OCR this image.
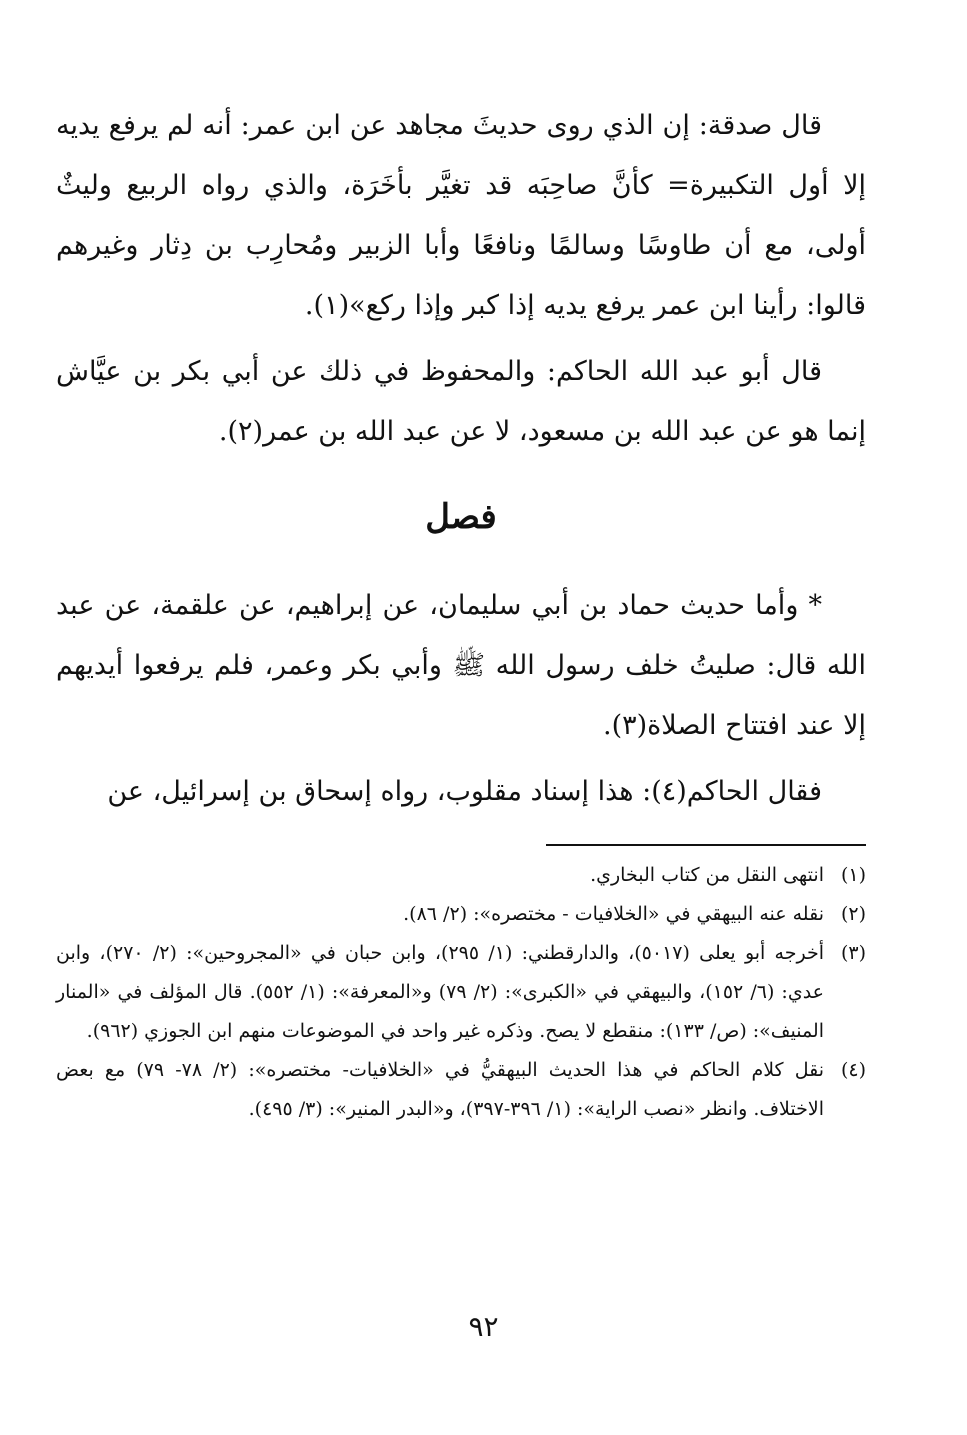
قال صدقة: إن الذي روى حديثَ مجاهد عن ابن عمر: أنه لم يرفع يديه إلا أول التكبيرة= كأنَّ صاحِبَه قد تغيَّر بأخَرَة، والذي رواه الربيع وليثٌ أولى، مع أن طاوسًا وسالمًا ونافعًا وأبا الزبير ومُحارِب بن دِثار وغيرهم قالوا: رأينا ابن عمر يرفع يديه إذا كبر وإذا ركع»(١).

قال أبو عبد الله الحاكم: والمحفوظ في ذلك عن أبي بكر بن عيَّاش إنما هو عن عبد الله بن مسعود، لا عن عبد الله بن عمر(٢).

فصل

* وأما حديث حماد بن أبي سليمان، عن إبراهيم، عن علقمة، عن عبد الله قال: صليتُ خلف رسول الله ﷺ وأبي بكر وعمر، فلم يرفعوا أيديهم إلا عند افتتاح الصلاة(٣).

فقال الحاكم(٤): هذا إسناد مقلوب، رواه إسحاق بن إسرائيل، عن

(١)
انتهى النقل من كتاب البخاري.

(٢)
نقله عنه البيهقي في «الخلافيات - مختصره»: (٢/ ٨٦).

(٣)
أخرجه أبو يعلى (٥٠١٧)، والدارقطني: (١/ ٢٩٥)، وابن حبان في «المجروحين»: (٢/ ٢٧٠)، وابن عدي: (٦/ ١٥٢)، والبيهقي في «الكبرى»: (٢/ ٧٩) و«المعرفة»: (١/ ٥٥٢). قال المؤلف في «المنار المنيف»: (ص/ ١٣٣): منقطع لا يصح. وذكره غير واحد في الموضوعات منهم ابن الجوزي (٩٦٢).

(٤)
نقل كلام الحاكم في هذا الحديث البيهقيُّ في «الخلافيات- مختصره»: (٢/ ٧٨- ٧٩) مع بعض الاختلاف. وانظر «نصب الراية»: (١/ ٣٩٦-٣٩٧)، و«البدر المنير»: (٣/ ٤٩٥).

٩٢
